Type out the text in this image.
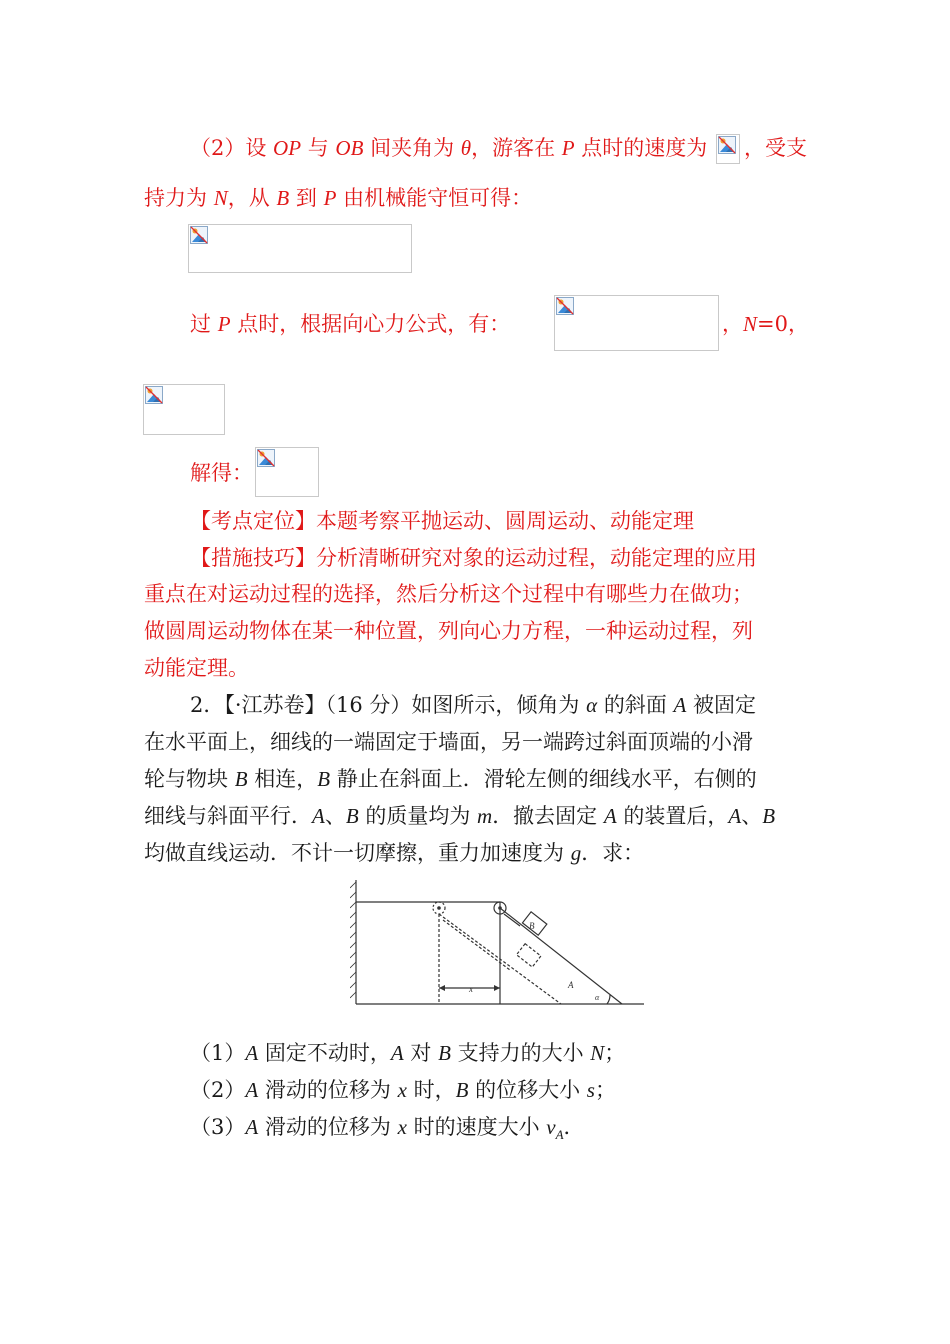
（2）设 OP 与 OB 间夹角为 θ，游客在 P 点时的速度为 ，受支
持力为 N，从 B 到 P 由机械能守恒可得：
过 P 点时，根据向心力公式，有：	，N=0，
解得：
【考点定位】本题考察平抛运动、圆周运动、动能定理
【措施技巧】分析清晰研究对象的运动过程，动能定理的应用
重点在对运动过程的选择，然后分析这个过程中有哪些力在做功；
做圆周运动物体在某一种位置，列向心力方程，一种运动过程，列
动能定理。
2．【·江苏卷】（16 分）如图所示，倾角为 α 的斜面 A 被固定
在水平面上，细线的一端固定于墙面，另一端跨过斜面顶端的小滑
轮与物块 B 相连，B 静止在斜面上．滑轮左侧的细线水平，右侧的
细线与斜面平行．A、B 的质量均为 m．撤去固定 A 的装置后，A、B
均做直线运动．不计一切摩擦，重力加速度为 g．求：
B
A
α
x
（1）A 固定不动时，A 对 B 支持力的大小 N；
（2）A 滑动的位移为 x 时，B 的位移大小 s；
（3）A 滑动的位移为 x 时的速度大小 $v_A$．
